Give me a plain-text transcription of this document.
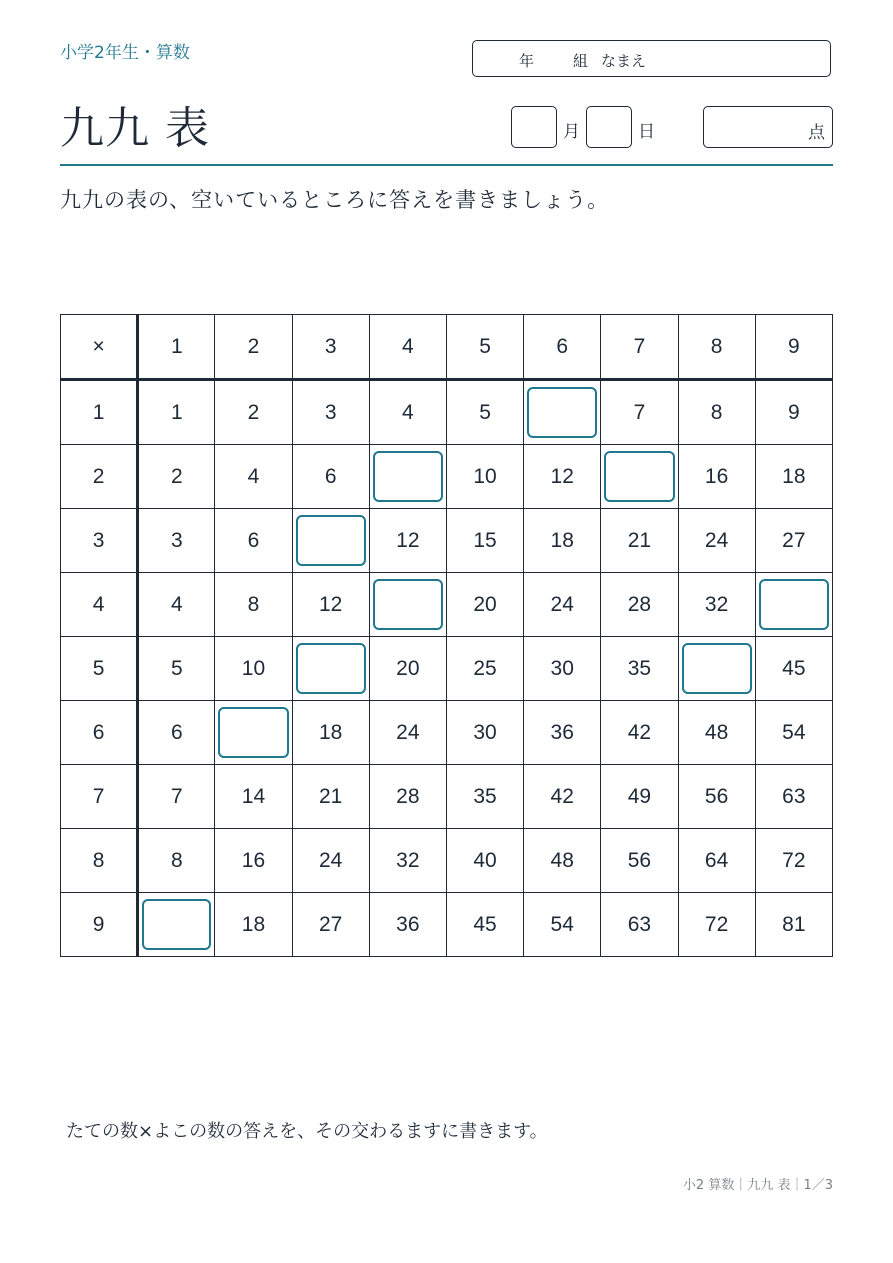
小学2年生・算数	年	組 なまえ
九九 表	月	日	点
九九の表の、空いているところに答えを書きましょう。
×	1	2	3	4	5	6	7	8	9
1	1	2	3	4	5		7	8	9
2	2	4	6		10	12		16	18
3	3	6		12	15	18	21	24	27
4	4	8	12		20	24	28	32	

5	5	10		20	25	30	35		45
6	6		18	24	30	36	42	48	54
7	7	14	21	28	35	42	49	56	63
8	8	16	24	32	40	48	56	64	72
9		18	27	36	45	54	63	72	81
たての数×よこの数の答えを、その交わるますに書きます。
小2 算数｜九九 表｜1／3
